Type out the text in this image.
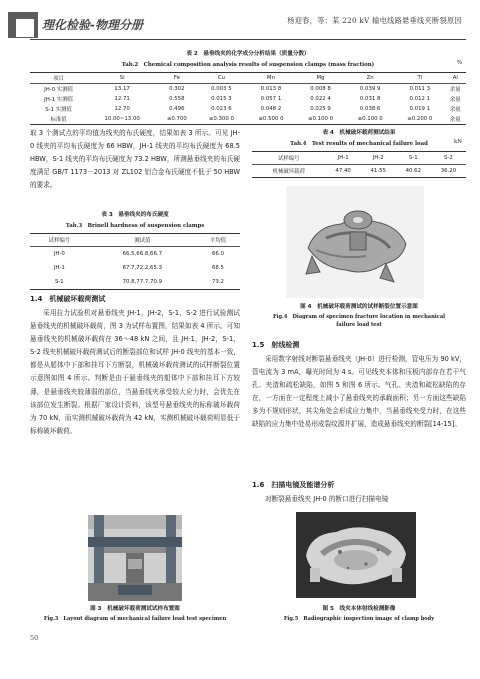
理化检验-物理分册	杨迎春，等：某 220 kV 输电线路悬垂线夹断裂原因
表 2　悬垂线夹的化学成分分析结果（质量分数）
Tab.2　Chemical composition analysis results of suspension clamps (mass fraction)	%
项目	Si	Fe	Cu	Mn	Mg	Zn	Ti	Al
JH-0 实测值	13.17	0.302	0.003 5	0.013 8	0.008 8	0.039 9	0.011 3	余量
JH-1 实测值	12.71	0.558	0.015 3	0.057 1	0.022 4	0.031 8	0.012 1	余量
S-1 实测值	12.70	0.496	0.023 6	0.048 2	0.025 9	0.038 6	0.019 1	余量
标准值	10.00~13.00	≤0.700	≤0.300 0	≤0.500 0	≤0.100 0	≤0.100 0	≤0.200 0	余量
取 3 个测试点的平均值为线夹的布氏硬度，结果如表 3 所示。可见 JH-0 线夹的平均布氏硬度为 66 HBW，JH-1 线夹的平均布氏硬度为 68.5 HBW，S-1 线夹的平均布氏硬度为 73.2 HBW，所测悬垂线夹的布氏硬度满足 GB/T 1173－2013 对 ZL102 铝合金布氏硬度不低于 50 HBW 的要求。
表 3　悬垂线夹的布氏硬度
Tab.3　Brinell hardness of suspension clamps
试样编号	测试值	平均值
JH-0	66.5,66.8,66.7	66.0
JH-1	67.7,72.2,65.3	68.5
S-1	70.8,77.7,70.9	73.2
1.4　机械破坏载荷测试
采用拉力试验机对悬垂线夹 JH-1，JH-2，S-1，S-2 进行试验测试悬垂线夹的机械破坏载荷，图 3 为试样布置图，结果如表 4 所示。可知悬垂线夹的机械破坏载荷在 36～48 kN 之间，且 JH-1，JH-2，S-1，S-2 线夹机械破坏载荷测试后的断裂部位和试样 JH-0 线夹的基本一致，都是从船体中下部和挂耳下方断裂，机械破坏载荷测试的试样断裂位置示意图如图 4 所示。判断是由于悬垂线夹的船体中下部和挂耳下方较薄，是悬垂线夹较薄弱的部位，当悬垂线夹承受较大应力时，会优先在该部位发生断裂。根据厂家设计资料，该型号悬垂线夹的标称破坏载荷为 70 kN，而实测机械破坏载荷为 42 kN，实测机械破坏载荷明显低于标称破坏载荷。
图 3　机械破坏载荷测试试样布置图
Fig.3　Layout diagram of mechanical failure load test specimen
50
表 4　机械破坏载荷测试结果
Tab.4　Test results of mechanical failure load	kN
试样编号	JH-1	JH-2	S-1	S-2
机械破坏载荷	47.40	41.55	40.62	36.20
图 4　机械破坏载荷测试的试样断裂位置示意图
Fig.4　Diagram of specimen fracture location in mechanical
failure load test
1.5　射线检测
采用数字射线对断裂悬垂线夹（JH-0）进行检测，管电压为 90 kV，管电流为 3 mA，曝光时间为 4 s。可见线夹本体和压板内部存在若干气孔、夹渣和疏松缺陷，如图 5 和图 6 所示。气孔、夹渣和疏松缺陷的存在，一方面在一定程度上减小了悬垂线夹的承载面积；另一方面这些缺陷多为不规则形状，其尖角处会形成应力集中，当悬垂线夹受力时，在这些缺陷的应力集中处易形成裂纹源并扩展，造成悬垂线夹的断裂[14-15]。
1.6　扫描电镜及能谱分析
对断裂悬垂线夹 JH-0 的断口进行扫描电镜
图 5　线夹本体射线检测影像
Fig.5　Radiographic inspection image of clamp body
